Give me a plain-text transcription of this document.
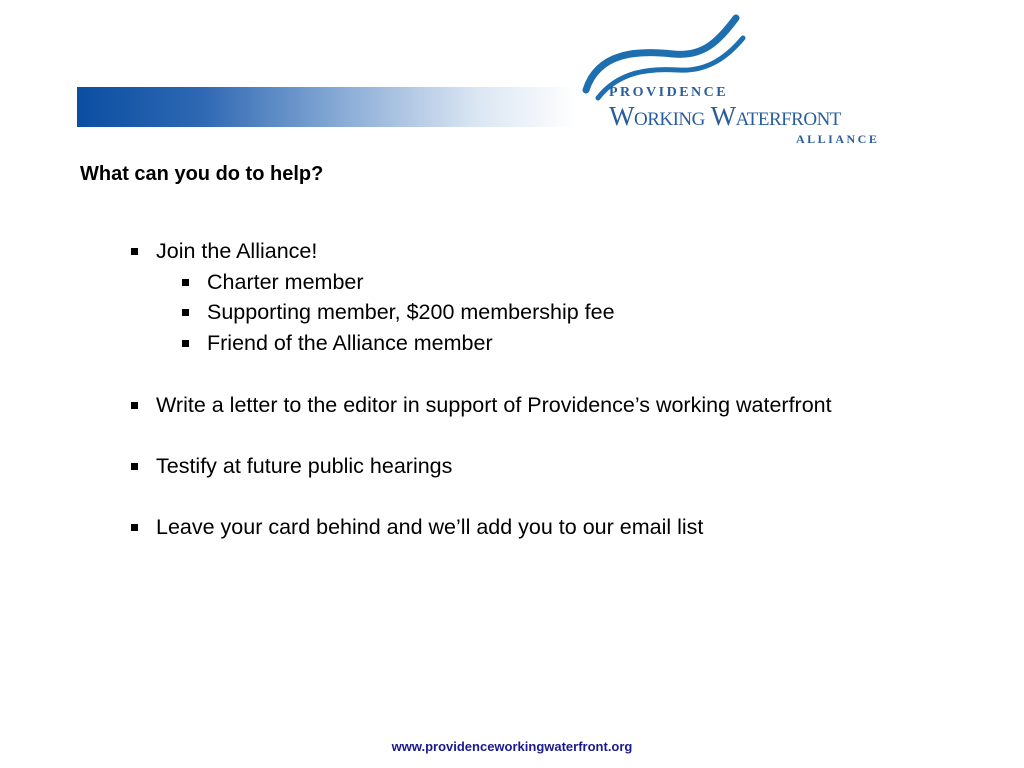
PROVIDENCE
Working Waterfront
ALLIANCE
What can you do to help?
Join the Alliance!
Charter member
Supporting member, $200 membership fee
Friend of the Alliance member
Write a letter to the editor in support of Providence’s working waterfront
Testify at future public hearings
Leave your card behind and we’ll add you to our email list
www.providenceworkingwaterfront.org
